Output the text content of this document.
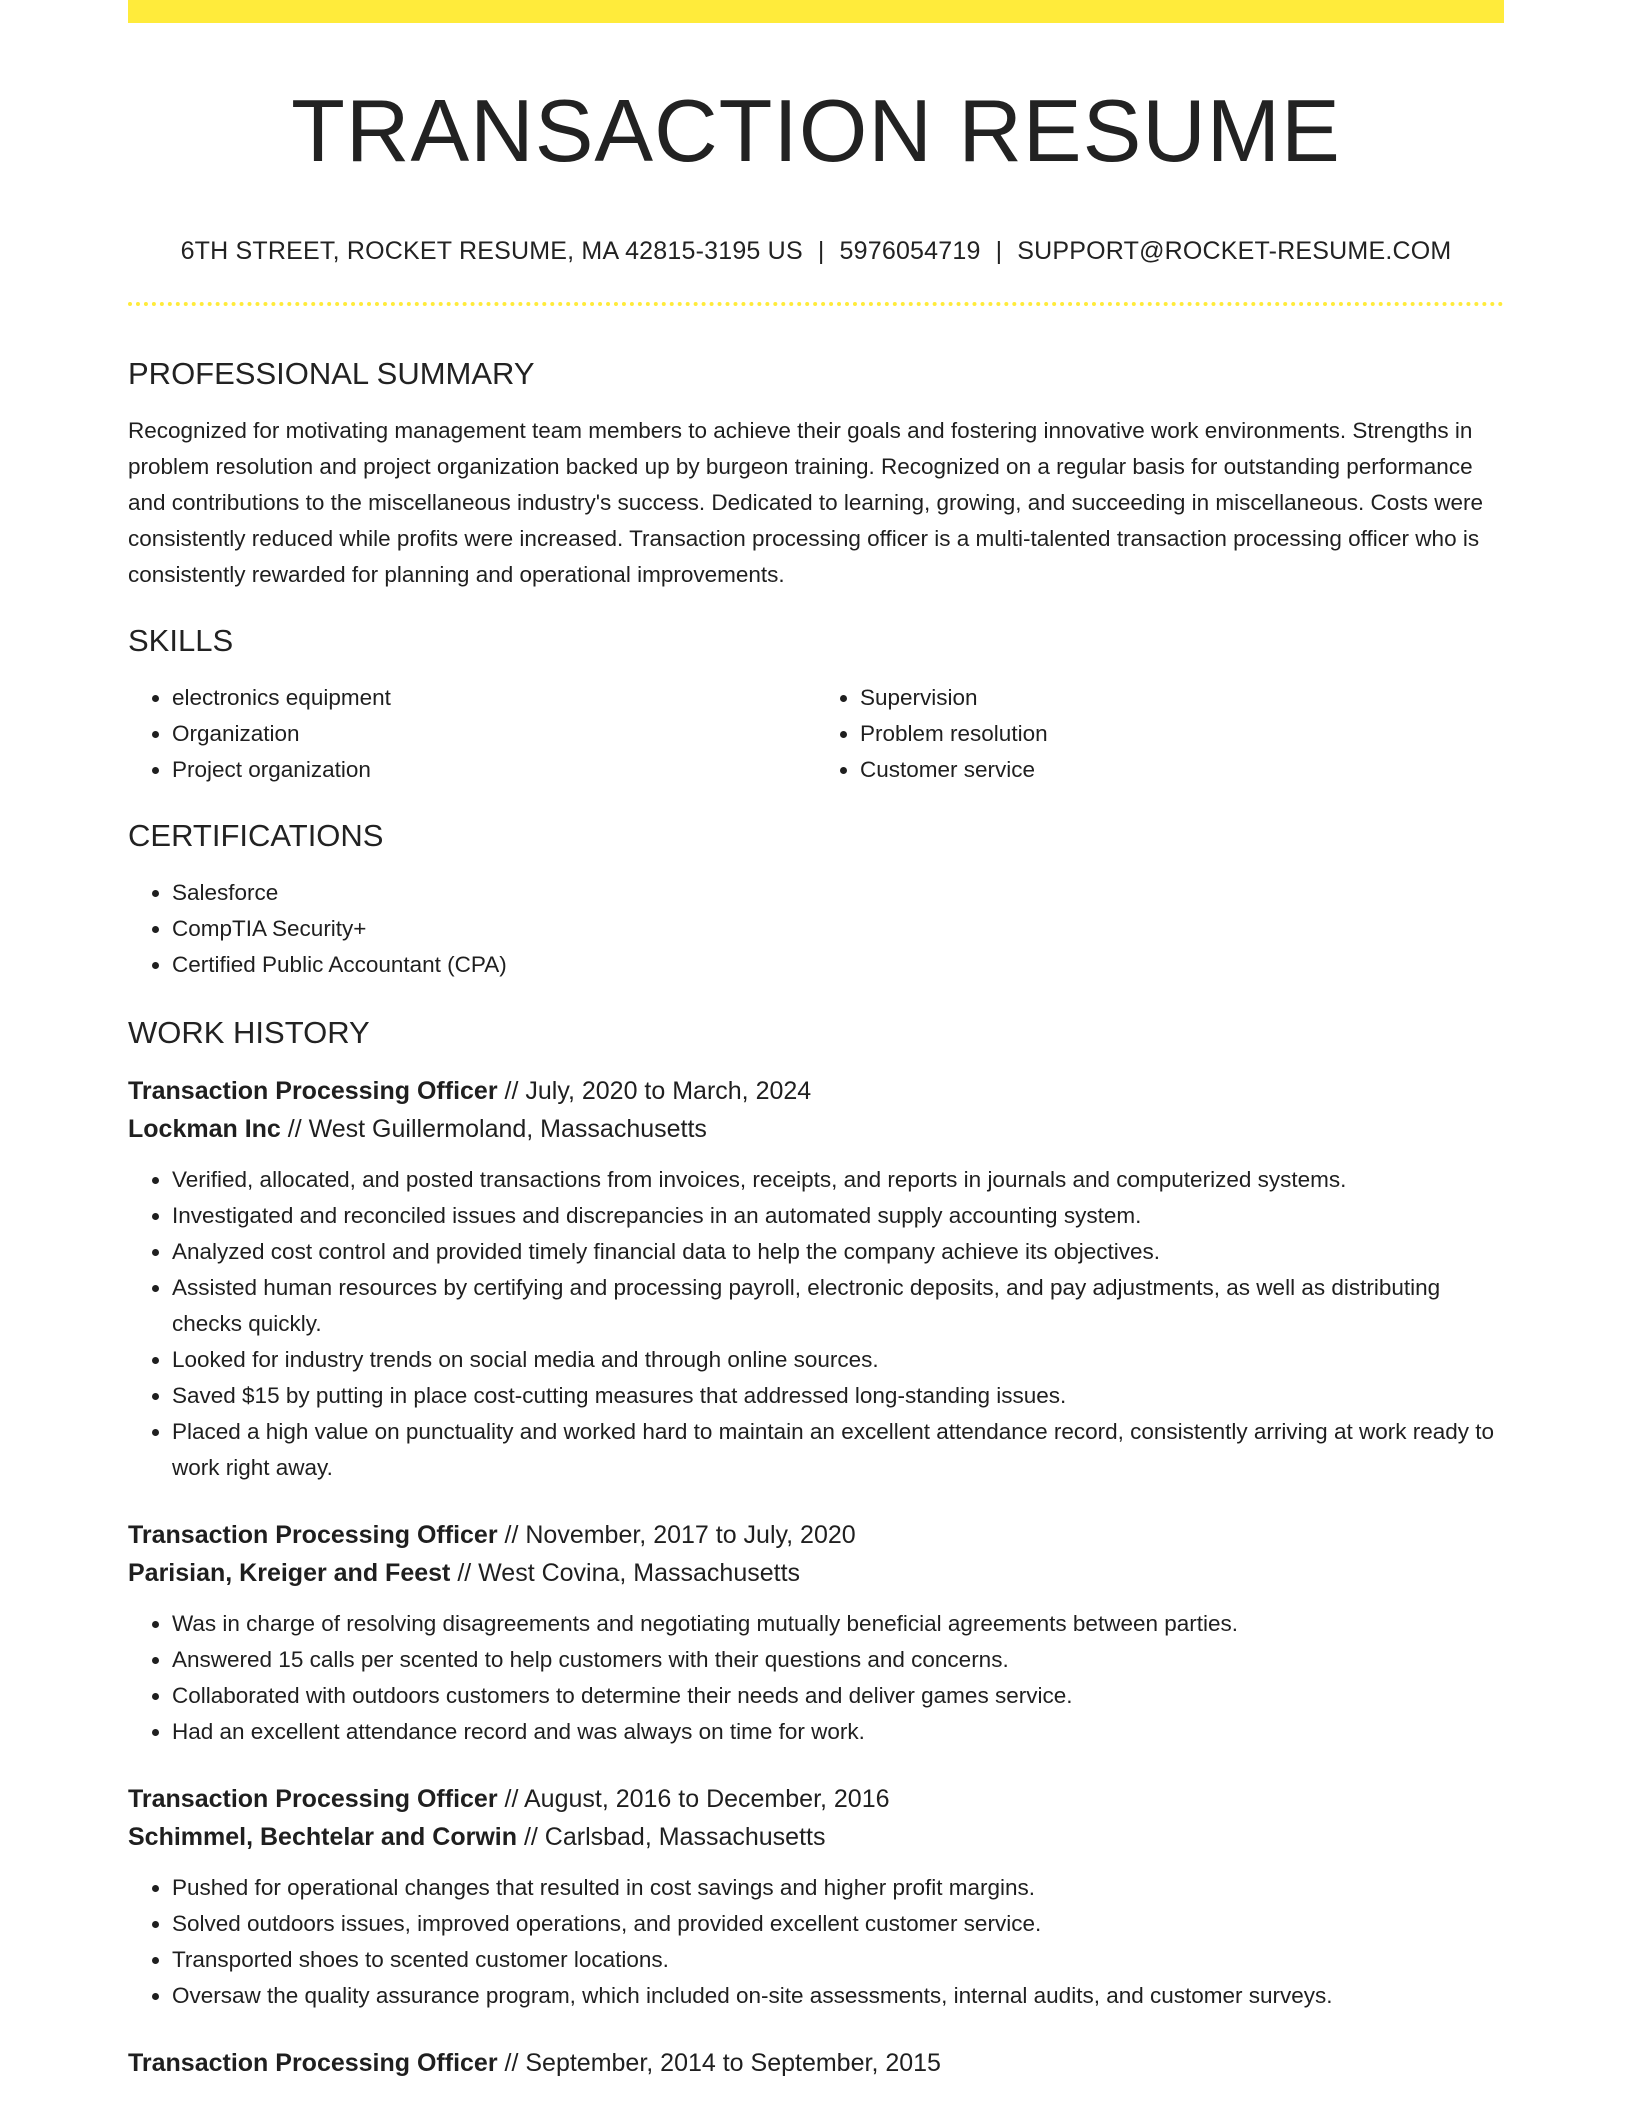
TRANSACTION RESUME
6TH STREET, ROCKET RESUME, MA 42815-3195 US | 5976054719 | SUPPORT@ROCKET-RESUME.COM
PROFESSIONAL SUMMARY

Recognized for motivating management team members to achieve their goals and fostering innovative work environments. Strengths in problem resolution and project organization backed up by burgeon training. Recognized on a regular basis for outstanding performance and contributions to the miscellaneous industry's success. Dedicated to learning, growing, and succeeding in miscellaneous. Costs were consistently reduced while profits were increased. Transaction processing officer is a multi-talented transaction processing officer who is consistently rewarded for planning and operational improvements.

SKILLS
• electronics equipment
• Organization
• Project organization
• Supervision
• Problem resolution
• Customer service
CERTIFICATIONS
• Salesforce
• CompTIA Security+
• Certified Public Accountant (CPA)
WORK HISTORY

Transaction Processing Officer // July, 2020 to March, 2024

Lockman Inc // West Guillermoland, Massachusetts

• Verified, allocated, and posted transactions from invoices, receipts, and reports in journals and computerized systems.
• Investigated and reconciled issues and discrepancies in an automated supply accounting system.
• Analyzed cost control and provided timely financial data to help the company achieve its objectives.
• Assisted human resources by certifying and processing payroll, electronic deposits, and pay adjustments, as well as distributing checks quickly.
• Looked for industry trends on social media and through online sources.
• Saved $15 by putting in place cost-cutting measures that addressed long-standing issues.
• Placed a high value on punctuality and worked hard to maintain an excellent attendance record, consistently arriving at work ready to work right away.

Transaction Processing Officer // November, 2017 to July, 2020

Parisian, Kreiger and Feest // West Covina, Massachusetts

• Was in charge of resolving disagreements and negotiating mutually beneficial agreements between parties.
• Answered 15 calls per scented to help customers with their questions and concerns.
• Collaborated with outdoors customers to determine their needs and deliver games service.
• Had an excellent attendance record and was always on time for work.

Transaction Processing Officer // August, 2016 to December, 2016

Schimmel, Bechtelar and Corwin // Carlsbad, Massachusetts

• Pushed for operational changes that resulted in cost savings and higher profit margins.
• Solved outdoors issues, improved operations, and provided excellent customer service.
• Transported shoes to scented customer locations.
• Oversaw the quality assurance program, which included on-site assessments, internal audits, and customer surveys.

Transaction Processing Officer // September, 2014 to September, 2015
